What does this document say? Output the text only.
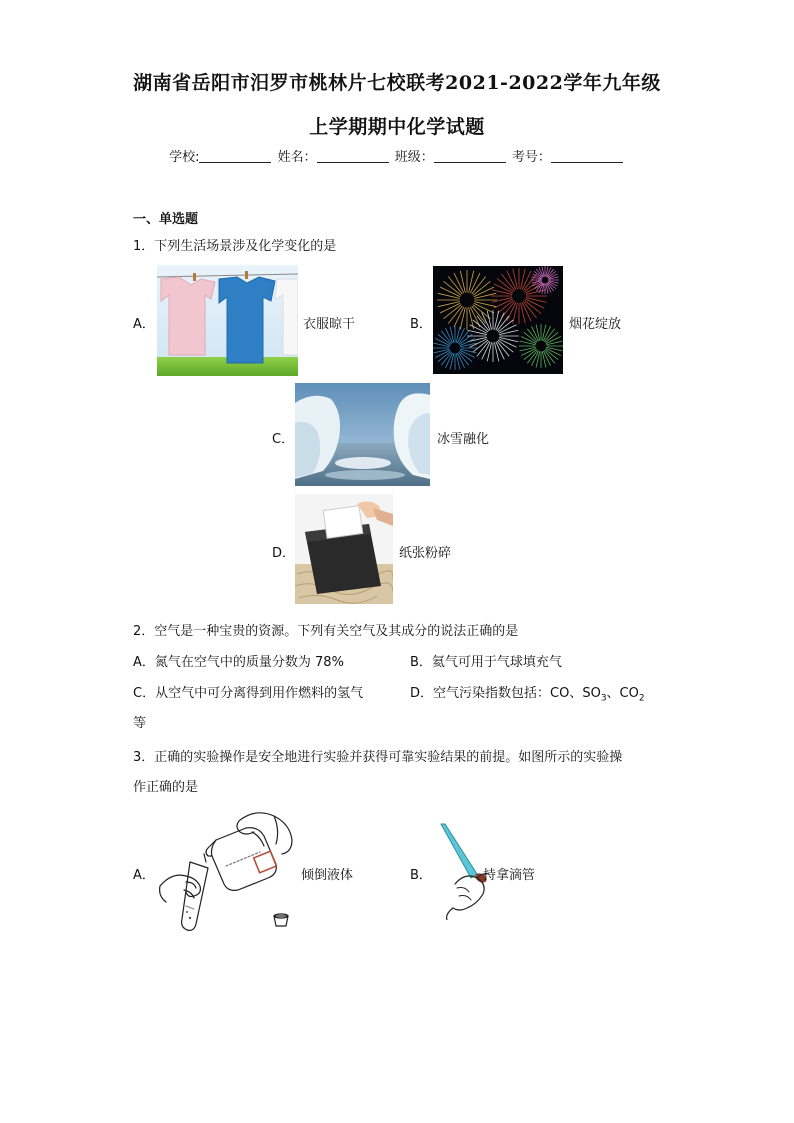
湖南省岳阳市汨罗市桃林片七校联考2021-2022学年九年级
上学期期中化学试题
学校:	姓名：	班级：	考号：
一、单选题
1．下列生活场景涉及化学变化的是
A．	衣服晾干	B．	烟花绽放
C．	冰雪融化
D．	纸张粉碎
2．空气是一种宝贵的资源。下列有关空气及其成分的说法正确的是
A．氮气在空气中的质量分数为 78%	B．氦气可用于气球填充气
C．从空气中可分离得到用作燃料的氢气	D．空气污染指数包括：CO、$SO_3$、$CO_2$
等
3．正确的实验操作是安全地进行实验并获得可靠实验结果的前提。如图所示的实验操
作正确的是
A．	倾倒液体	B．	持拿滴管
